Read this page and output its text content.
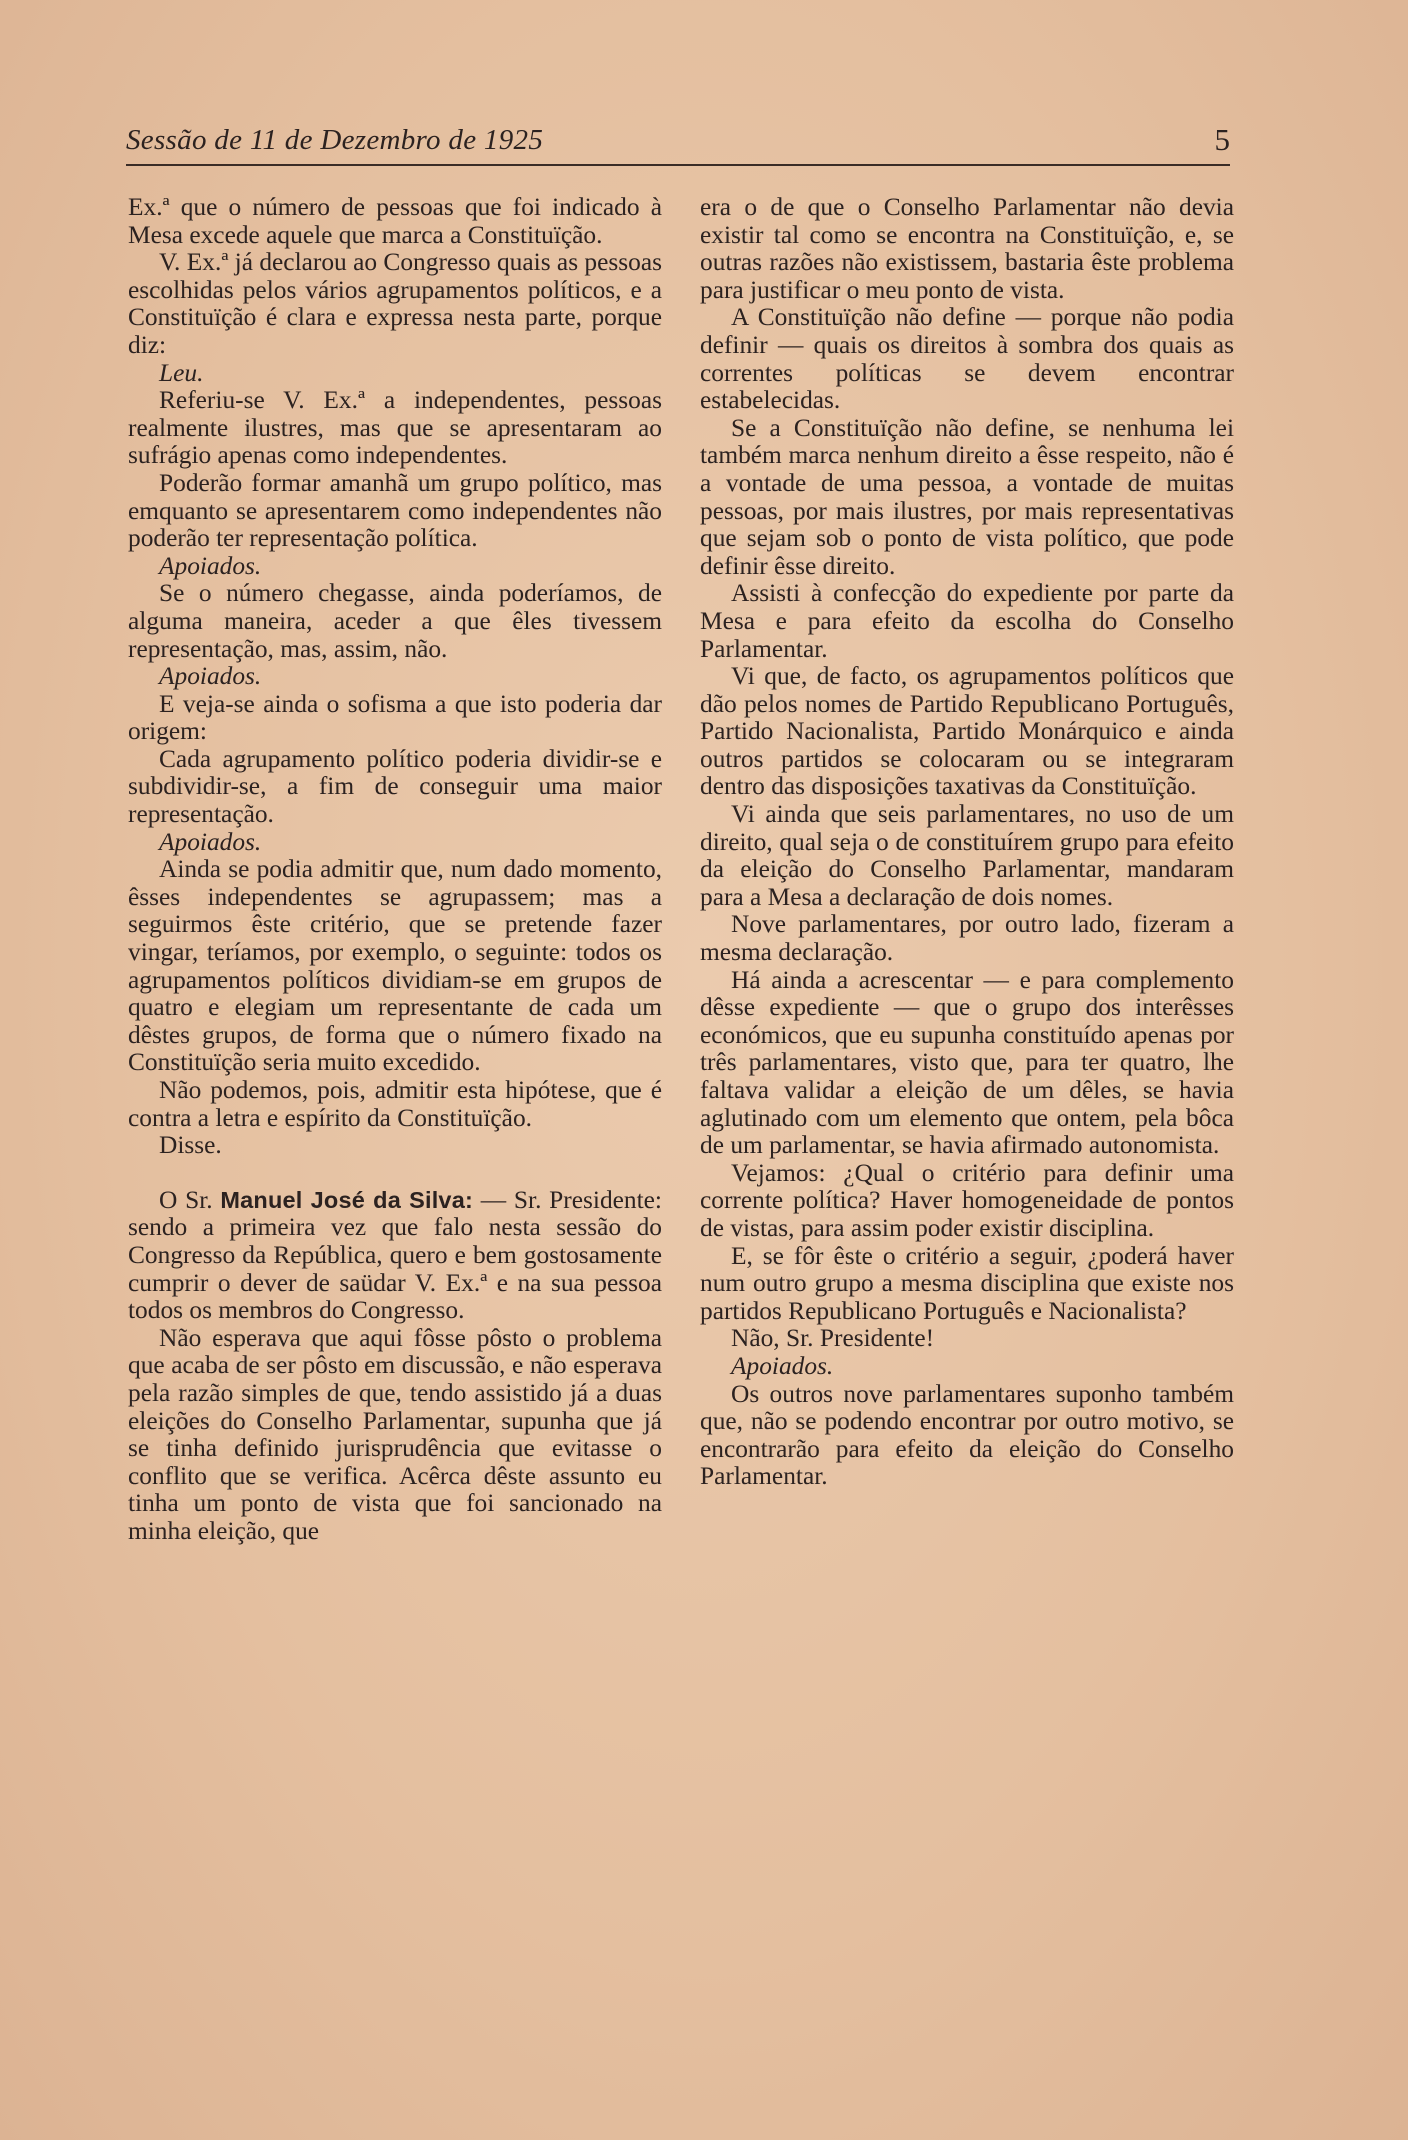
Sessão de 11 de Dezembro de 1925	5

Ex.ª que o número de pessoas que foi indicado à Mesa excede aquele que marca a Constituïção.

V. Ex.ª já declarou ao Congresso quais as pessoas escolhidas pelos vários agrupamentos políticos, e a Constituïção é clara e expressa nesta parte, porque diz:

Leu.

Referiu-se V. Ex.ª a independentes, pessoas realmente ilustres, mas que se apresentaram ao sufrágio apenas como independentes.

Poderão formar amanhã um grupo político, mas emquanto se apresentarem como independentes não poderão ter representação política.

Apoiados.

Se o número chegasse, ainda poderíamos, de alguma maneira, aceder a que êles tivessem representação, mas, assim, não.

Apoiados.

E veja-se ainda o sofisma a que isto poderia dar origem:

Cada agrupamento político poderia dividir-se e subdividir-se, a fim de conseguir uma maior representação.

Apoiados.

Ainda se podia admitir que, num dado momento, êsses independentes se agrupassem; mas a seguirmos êste critério, que se pretende fazer vingar, teríamos, por exemplo, o seguinte: todos os agrupamentos políticos dividiam-se em grupos de quatro e elegiam um representante de cada um dêstes grupos, de forma que o número fixado na Constituïção seria muito excedido.

Não podemos, pois, admitir esta hipótese, que é contra a letra e espírito da Constituïção.

Disse.

O Sr. Manuel José da Silva: — Sr. Presidente: sendo a primeira vez que falo nesta sessão do Congresso da República, quero e bem gostosamente cumprir o dever de saüdar V. Ex.ª e na sua pessoa todos os membros do Congresso.

Não esperava que aqui fôsse pôsto o problema que acaba de ser pôsto em discussão, e não esperava pela razão simples de que, tendo assistido já a duas eleições do Conselho Parlamentar, supunha que já se tinha definido jurisprudência que evitasse o conflito que se verifica. Acêrca dêste assunto eu tinha um ponto de vista que foi sancionado na minha eleição, que

era o de que o Conselho Parlamentar não devia existir tal como se encontra na Constituïção, e, se outras razões não existissem, bastaria êste problema para justificar o meu ponto de vista.

A Constituïção não define — porque não podia definir — quais os direitos à sombra dos quais as correntes políticas se devem encontrar estabelecidas.

Se a Constituïção não define, se nenhuma lei também marca nenhum direito a êsse respeito, não é a vontade de uma pessoa, a vontade de muitas pessoas, por mais ilustres, por mais representativas que sejam sob o ponto de vista político, que pode definir êsse direito.

Assisti à confecção do expediente por parte da Mesa e para efeito da escolha do Conselho Parlamentar.

Vi que, de facto, os agrupamentos políticos que dão pelos nomes de Partido Republicano Português, Partido Nacionalista, Partido Monárquico e ainda outros partidos se colocaram ou se integraram dentro das disposições taxativas da Constituïção.

Vi ainda que seis parlamentares, no uso de um direito, qual seja o de constituírem grupo para efeito da eleição do Conselho Parlamentar, mandaram para a Mesa a declaração de dois nomes.

Nove parlamentares, por outro lado, fizeram a mesma declaração.

Há ainda a acrescentar — e para complemento dêsse expediente — que o grupo dos interêsses económicos, que eu supunha constituído apenas por três parlamentares, visto que, para ter quatro, lhe faltava validar a eleição de um dêles, se havia aglutinado com um elemento que ontem, pela bôca de um parlamentar, se havia afirmado autonomista.

Vejamos: ¿Qual o critério para definir uma corrente política? Haver homogeneidade de pontos de vistas, para assim poder existir disciplina.

E, se fôr êste o critério a seguir, ¿poderá haver num outro grupo a mesma disciplina que existe nos partidos Republicano Português e Nacionalista?

Não, Sr. Presidente!

Apoiados.

Os outros nove parlamentares suponho também que, não se podendo encontrar por outro motivo, se encontrarão para efeito da eleição do Conselho Parlamentar.
